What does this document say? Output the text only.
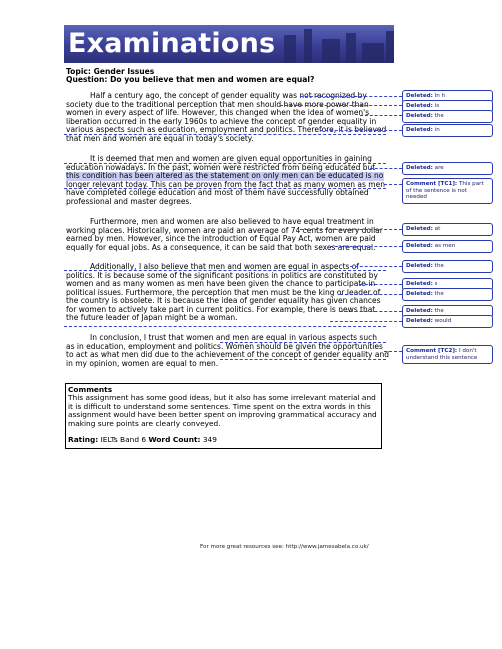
Examinations
Topic: Gender Issues
Question: Do you believe that men and women are equal?

Half a century ago, the concept of gender equality was not recognized by
society due to the traditional perception that men should have more power than
women in every aspect of life. However, this changed when the idea of women's
liberation occurred in the early 1960s to achieve the concept of gender equality in
various aspects such as education, employment and politics. Therefore, it is believed
that men and women are equal in today's society.

It is deemed that men and women are given equal opportunities in gaining
education nowadays. In the past, women were restricted from being educated but
this condition has been altered as the statement on only men can be educated is no
longer relevant today. This can be proven from the fact that as many women as men
have completed college education and most of them have successfully obtained
professional and master degrees.

Furthermore, men and women are also believed to have equal treatment in
working places. Historically, women are paid an average of 74 cents for every dollar
earned by men. However, since the introduction of Equal Pay Act, women are paid
equally for equal jobs. As a consequence, it can be said that both sexes are equal.

Additionally, I also believe that men and women are equal in aspects of
politics. It is because some of the significant positions in politics are constituted by
women and as many women as men have been given the chance to participate in
political issues. Furthermore, the perception that men must be the king or leader of
the country is obsolete. It is because the idea of gender equality has given chances
for women to actively take part in current politics. For example, there is news that
the future leader of Japan might be a woman.

In conclusion, I trust that women and men are equal in various aspects such
as in education, employment and politics. Women should be given the opportunities
to act as what men did due to the achievement of the concept of gender equality and
in my opinion, women are equal to men.

Deleted: In h
Deleted: is
Deleted: the
Deleted: in
Deleted: are
Comment [TC1]: This part of the sentence is not needed
Deleted: at
Deleted: as men
Deleted: the
Deleted: s
Deleted: the
Deleted: the
Deleted: would
Comment [TC2]: I don't understand this sentence
Comments
This assignment has some good ideas, but it also has some irrelevant material and it is difficult to understand some sentences. Time spent on the extra words in this assignment would have been better spent on improving grammatical accuracy and making sure points are clearly conveyed.
Rating: IELTs Band 6 Word Count: 349
For more great resources see: http://www.jamesabela.co.uk/
